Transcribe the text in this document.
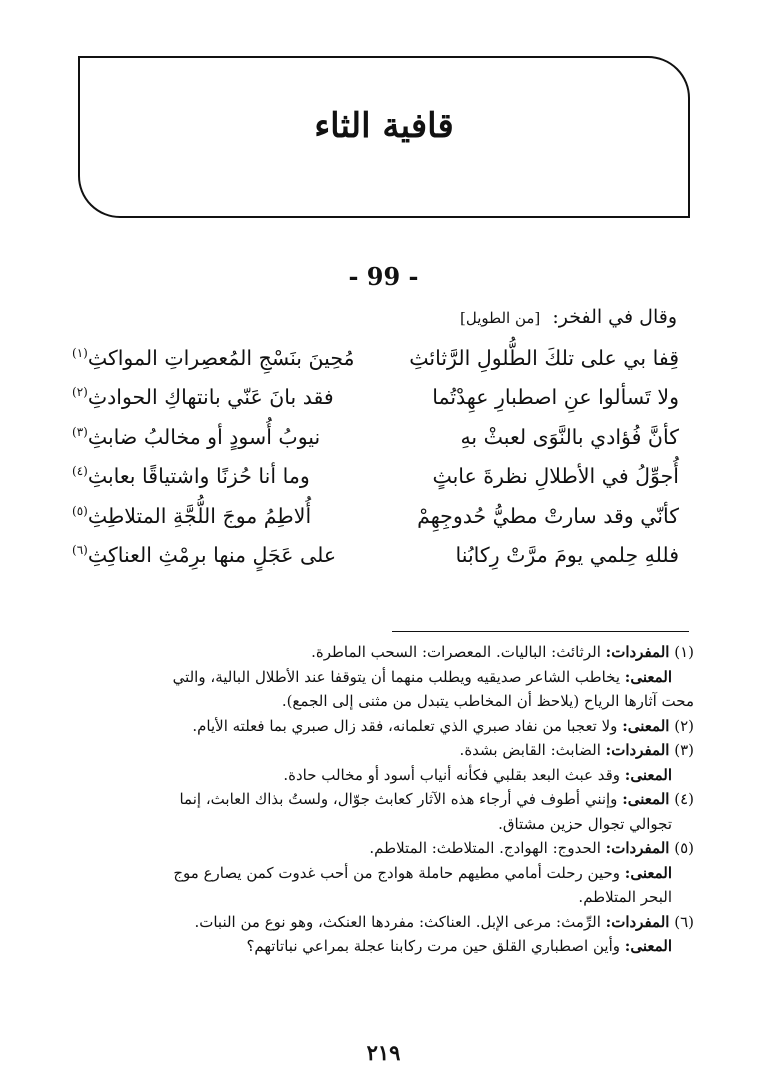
قافية الثاء
- 99 -
وقال في الفخر: [من الطويل]
قِفا بي على تلكَ الطُّلولِ الرَّثائثِ
مُحِينَ بنَسْجِ المُعصِراتِ المواكثِ$^{(١)}$
ولا تَسألوا عنِ اصطبارِ عهِدْتُما
فقد بانَ عَنّي بانتهاكِ الحوادثِ$^{(٢)}$
كأنَّ فُؤادي بالنَّوَى لعبثْ بهِ
نيوبُ أُسودٍ أو مخالبُ ضابثِ$^{(٣)}$
أُجوِّلُ في الأطلالِ نظرةَ عابثٍ
وما أنا حُزنًا واشتياقًا بعابثِ$^{(٤)}$
كأنّي وقد سارتْ مطيُّ حُدوجِهِمْ
أُلاطِمُ موجَ اللُّجَّةِ المتلاطِثِ$^{(٥)}$
فللهِ حِلمي يومَ مرَّتْ رِكابُنا
على عَجَلٍ منها برِمْثِ العناكِثِ$^{(٦)}$
(١) المفردات: الرثائث: الباليات. المعصرات: السحب الماطرة.
المعنى: يخاطب الشاعر صديقيه ويطلب منهما أن يتوقفا عند الأطلال البالية، والتي
محت آثارها الرياح (يلاحظ أن المخاطب يتبدل من مثنى إلى الجمع).
(٢) المعنى: ولا تعجبا من نفاد صبري الذي تعلمانه، فقد زال صبري بما فعلته الأيام.
(٣) المفردات: الضابث: القابض بشدة.
المعنى: وقد عبث البعد بقلبي فكأنه أنياب أسود أو مخالب حادة.
(٤) المعنى: وإنني أطوف في أرجاء هذه الآثار كعابث جوّال، ولستُ بذاك العابث، إنما
تجوالي تجوال حزين مشتاق.
(٥) المفردات: الحدوج: الهوادج. المتلاطث: المتلاطم.
المعنى: وحين رحلت أمامي مطيهم حاملة هوادج من أحب غدوت كمن يصارع موج
البحر المتلاطم.
(٦) المفردات: الرِّمث: مرعى الإبل. العناكث: مفردها العنكث، وهو نوع من النبات.
المعنى: وأين اصطباري القلق حين مرت ركابنا عجلة بمراعي نباتاتهم؟
٢١٩
